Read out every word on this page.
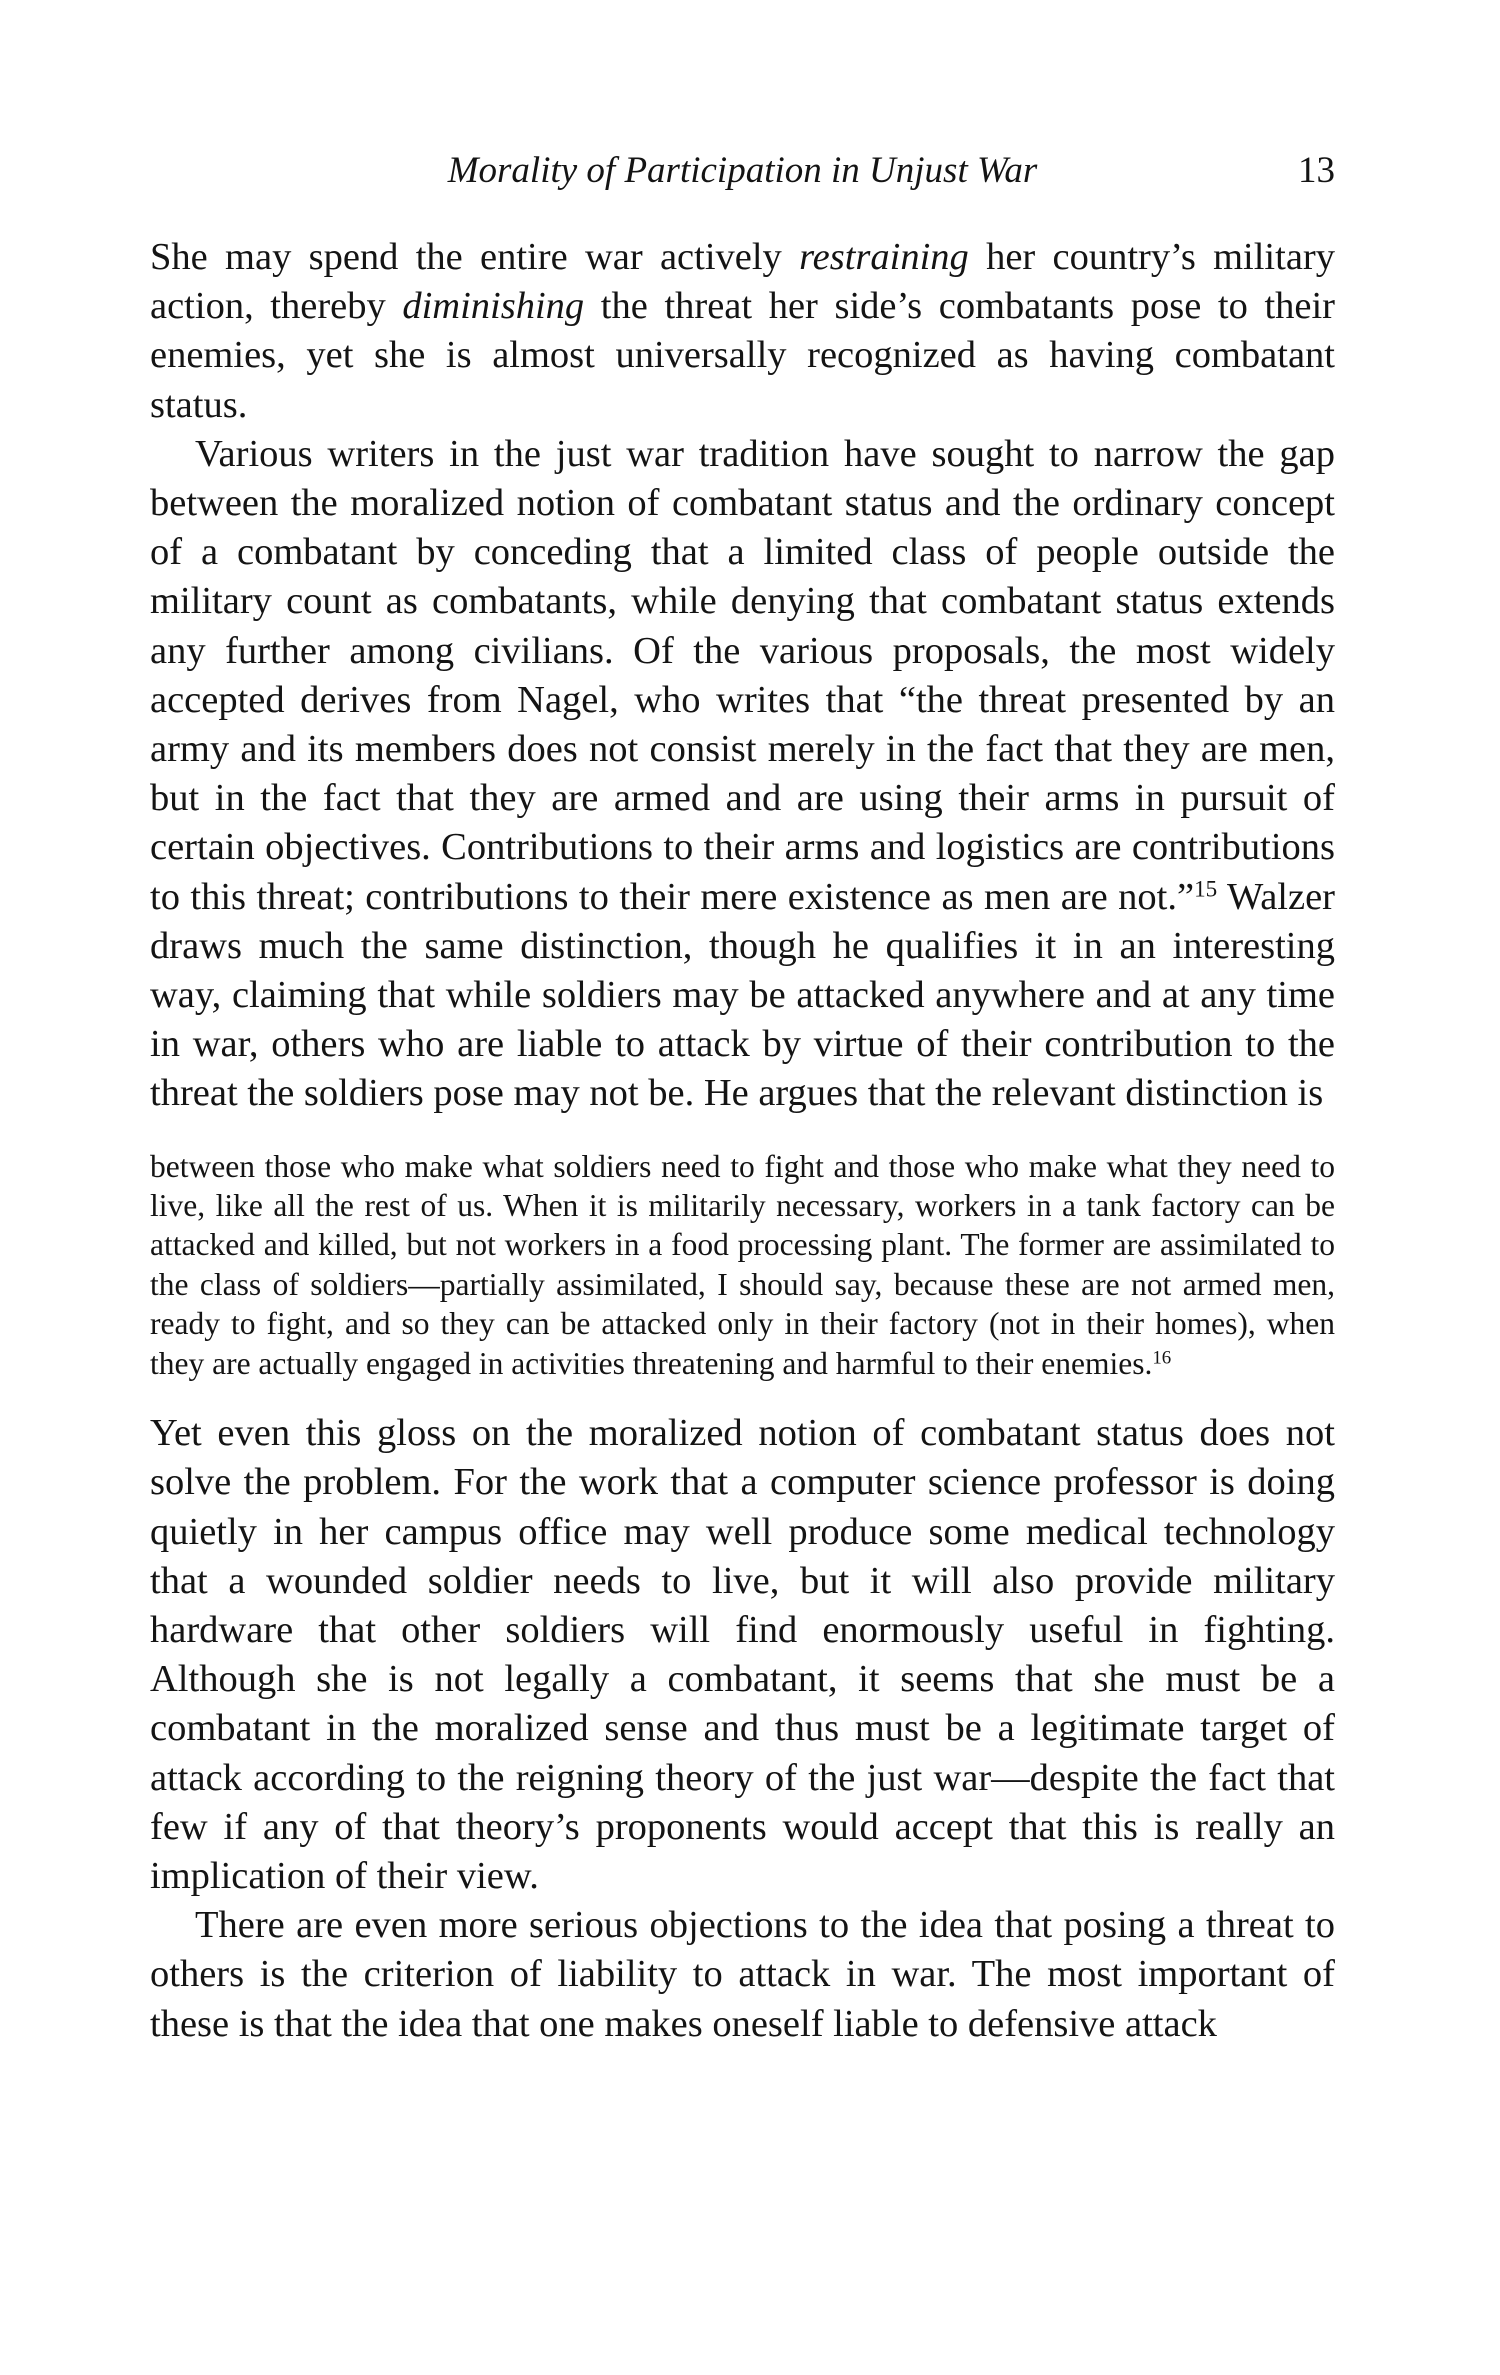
Morality of Participation in Unjust War	13

She may spend the entire war actively restraining her country’s military action, thereby diminishing the threat her side’s combatants pose to their enemies, yet she is almost universally recognized as having combatant status.

Various writers in the just war tradition have sought to narrow the gap between the moralized notion of combatant status and the ordinary concept of a combatant by conceding that a limited class of people outside the military count as combatants, while denying that combatant status extends any further among civilians. Of the various proposals, the most widely accepted derives from Nagel, who writes that “the threat presented by an army and its members does not consist merely in the fact that they are men, but in the fact that they are armed and are using their arms in pursuit of certain objectives. Contributions to their arms and logistics are contributions to this threat; contributions to their mere existence as men are not.”$^{15}$ Walzer draws much the same distinction, though he qualifies it in an interesting way, claiming that while soldiers may be attacked anywhere and at any time in war, others who are liable to attack by virtue of their contribution to the threat the soldiers pose may not be. He argues that the relevant distinction is

between those who make what soldiers need to fight and those who make what they need to live, like all the rest of us. When it is militarily necessary, workers in a tank factory can be attacked and killed, but not workers in a food processing plant. The former are assimilated to the class of soldiers—partially assimilated, I should say, because these are not armed men, ready to fight, and so they can be attacked only in their factory (not in their homes), when they are actually engaged in activities threatening and harmful to their enemies.$^{16}$

Yet even this gloss on the moralized notion of combatant status does not solve the problem. For the work that a computer science professor is doing quietly in her campus office may well produce some medical technology that a wounded soldier needs to live, but it will also provide military hardware that other soldiers will find enormously useful in fighting. Although she is not legally a combatant, it seems that she must be a combatant in the moralized sense and thus must be a legitimate target of attack according to the reigning theory of the just war—despite the fact that few if any of that theory’s proponents would accept that this is really an implication of their view.

There are even more serious objections to the idea that posing a threat to others is the criterion of liability to attack in war. The most important of these is that the idea that one makes oneself liable to defensive attack
